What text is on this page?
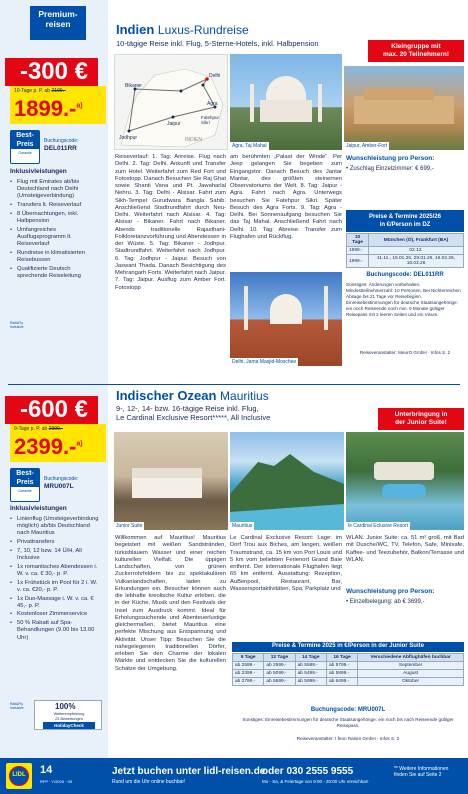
Premium-
reisen
-300 €
10-Tage p. P. ab 2199.-
1899.-$^{a)}$
Best-
Preis
Garantie
Buchungscode:
DEL011RR
Inklusivleistungen
• Flug mit Emirates ab/bis Deutschland nach Delhi (Umsteigeverbindung)
• Transfers lt. Reiseverlauf
• 8 Übernachtungen, inkl. Halbpension
• Umfangreiches Ausflugsprogramm lt. Reiseverlauf
• Rundreise in klimatisierten Reisebussen
• Qualifizierte Deutsch sprechende Reiseleitung
Rail&Fly Inclusive
Indien Luxus-Rundreise
10-tägige Reise inkl. Flug, 5-Sterne-Hotels, inkl. Halbpension	Kleingruppe mit
max. 20 Teilnehmern!
Bikaner
Delhi
Agra
Fatehpur Sikri
Jaipur
Jodhpur	INDIEN
Agra, Taj Mahal	Jaipur, Amber-Fort
Delhi, Jama Masjid-Moschee
Reiseverlauf: 1. Tag: Anreise. Flug nach Delhi. 2. Tag: Delhi. Ankunft und Transfer zum Hotel. Weiterfahrt zum Red Fort und Fotostopp. Danach Besuchen Sie Raj Ghat sowie Shanti Vana und Pt. Jawaharlal Nehru. 3. Tag: Delhi - Alsisar. Fahrt zum Sikh-Tempel Gurudwara Bangla Sahib. Anschließend Stadtrundfahrt durch Neu-Delhi. Weiterfahrt nach Alsisar. 4. Tag: Alsisar - Bikaner. Fahrt nach Bikaner. Abends traditionelle Rajasthani-Folkloretanzvorführung und Abendessen in der Wüste. 5. Tag: Bikaner - Jodhpur. Stadtrundfahrt. Weiterfahrt nach Jodhpur. 6. Tag: Jodhpur - Jaipur. Besuch von Jaswant Thada. Danach Besichtigung des Mehrangarh Forts. Weiterfahrt nach Jaipur. 7. Tag: Jaipur. Ausflug zum Amber Fort. Fotostopp
am berühmten „Palast der Winde“. Per Jeep gelangen Sie begeben zum Eingangstor. Danach Besuch des Jantar Mantar, des größten steinernen Observatoriums der Welt. 8. Tag: Jaipur - Agra. Fahrt nach Agra. Unterwegs besuchen Sie Fatehpur Sikri. Später Besuch des Agra Forts. 9. Tag: Agra - Delhi. Bei Sonnenaufgang besuchen Sie das Taj Mahal. Anschließend Fahrt nach Delhi. 10. Tag: Abreise. Transfer zum Flughafen und Rückflug.
Wunschleistung pro Person:
• Zuschlag Einzelzimmer: € 699,-
Preise & Termine 2025/26
in €/Person im DZ
10 Tage	München (Ö), Frankfurt (BA)
1899.-	02.12.
1999.-	11.11., 15.01.26, 29.01.26, 16.02.26, 16.03.26
Buchungscode: DEL011RR
Sonstiges: Änderungen vorbehalten. Mindestteilnehmerzahl: 10 Personen. Bei Nichterreichen Absage bis 21 Tage vor Reisebeginn. Einreisebestimmungen für deutsche Staatsangehörige: ein noch Reiseende noch min. 6 Monate gültiger Reisepass mit 2 leeren Seiten und ein Visum.
Reiseveranstalter: MeurO GmbH · Infos S. 2
-600 €
9-Tage p. P. ab 2999.-
2399.-$^{a)}$
Best-
Preis
Garantie
Buchungscode:
MRU007L
Inklusivleistungen
• Linienflug (Umsteigeverbindung möglich) ab/bis Deutschland nach Mauritius
• Privattransfers
• 7, 10, 12 bzw. 14 Ü/H, All Inclusive
• 1x romantisches Abendessen i. W. v. ca. € 30,- p. P.
• 1x Frühstück im Pool für 2 i. W. v. ca. €20,- p. P.
• 1x Duo-Massage i. W. v. ca. € 45,- p. P.
• Kostenloser Zimmerservice
• 50 % Rabatt auf Spa-Behandlungen (9.00 bis 13.00 Uhr)
Rail&Fly Inclusive	100%
Weiterempfehlung
23 Bewertungen
HolidayCheck
Indischer Ozean Mauritius
9-, 12-, 14- bzw. 16-tägige Reise inkl. Flug,
Le Cardinal Exclusive Resort*****, All Inclusive	Unterbringung in
der Junior Suite!
Junior Suite	Mauritius	le Cardinal Eclusive Resort
Willkommen auf Mauritius! Mauritius begeistert mit weißen Sandstränden, türkisblauem Wasser und einer reichen kulturellen Vielfalt. Die üppigen Landschaften, von grünen Zuckerrohrfeldern bis zu spektakulären Vulkanlandschaften, laden zu Erkundungen ein. Besucher können auch die lebhafte kreolische Kultur erleben, die in der Küche, Musik und den Festivals der Insel zum Ausdruck kommt. Ideal für Erholungssuchende und Abenteuerlustige gleichermaßen, bietet Mauritius eine perfekte Mischung aus Entspannung und Aktivität. Unser Tipp: Besuchen Sie die nahegelegenen traditionellen Dörfer, erleben Sie den Charme der lokalen Märkte und entdecken Sie die kulturellen Schätze der Umgebung.
Le Cardinal Exclusive Resort: Lage: im Dorf Trou aux Biches, am langen, weißen Traumstrand, ca. 15 km von Port Louis und 5 km vom beliebten Ferienort Grand Baie entfernt. Der internationale Flughafen liegt 65 km entfernt. Ausstattung: Rezeption, AuBenpool, Restaurant, Bar, Wassersportaktivitäten, Spa, Parkplatz und
WLAN. Junior Suite: ca. 51 m² groß, mit Bad mit Dusche/WC, TV, Telefon, Safe, Minisafe, Kaffee- und Teezubehör, Balkon/Terrasse und WLAN.
Wunschleistung pro Person:
• Einzelbelegung: ab € 3699,-
Preise & Termine 2025 in €/Person in der Junior Suite
9 Tage	12 Tage	14 Tage	16 Tage	Verschiedene Abflughäfen buchbar
ab 2599.-	ab 2999.-	ab 5599.-	ab 5799.-	September
ab 2399.-	ab 5099.-	ab 5499.-	ab 5899.-	August
ab 2799.-	ab 5699.-	ab 5999.-	ab 6499.-	Oktober
Buchungscode: MRU007L
Sonstiges: Einreisebestimmungen für deutsche Staatsangehörige: ein noch bis nach Reiseende gültiger Reisepass.
Reiseveranstalter: I feon Rasen GmbH · Infos S. 2
LIDL	14
RFP · Y/2025 · 05
Jetzt buchen unter lidl-reisen.de
Rund um die Uhr online buchbar!
oder 030 2555 9555
Mo - Sa, & Feiertage von 9:00 - 20:00 Uhr erreichbar!
** Weitere Informationen
finden Sie auf Seite 2
